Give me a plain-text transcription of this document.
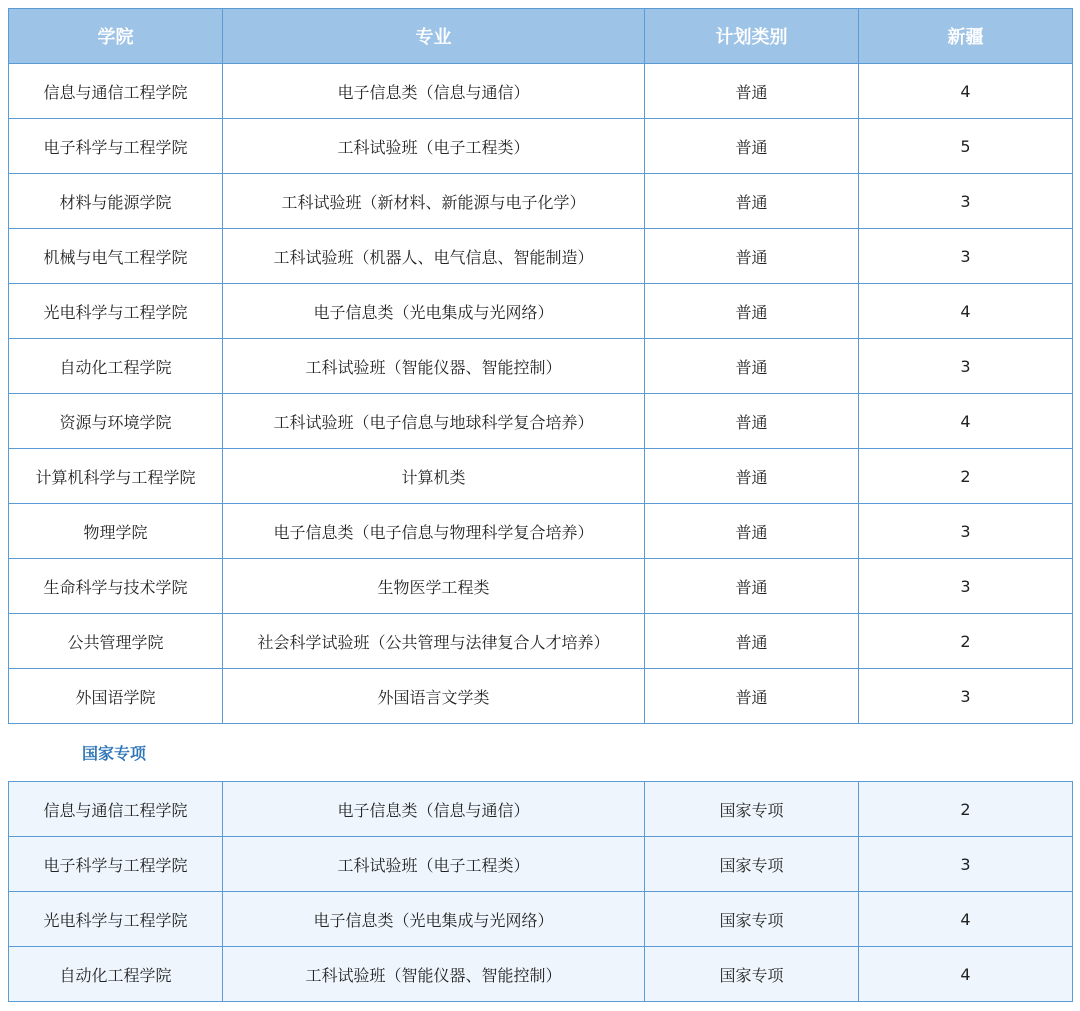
学院	专业	计划类别	新疆
信息与通信工程学院	电子信息类（信息与通信）	普通	4
电子科学与工程学院	工科试验班（电子工程类）	普通	5
材料与能源学院	工科试验班（新材料、新能源与电子化学）	普通	3
机械与电气工程学院	工科试验班（机器人、电气信息、智能制造）	普通	3
光电科学与工程学院	电子信息类（光电集成与光网络）	普通	4
自动化工程学院	工科试验班（智能仪器、智能控制）	普通	3
资源与环境学院	工科试验班（电子信息与地球科学复合培养）	普通	4
计算机科学与工程学院	计算机类	普通	2
物理学院	电子信息类（电子信息与物理科学复合培养）	普通	3
生命科学与技术学院	生物医学工程类	普通	3
公共管理学院	社会科学试验班（公共管理与法律复合人才培养）	普通	2
外国语学院	外国语言文学类	普通	3
国家专项
信息与通信工程学院	电子信息类（信息与通信）	国家专项	2
电子科学与工程学院	工科试验班（电子工程类）	国家专项	3
光电科学与工程学院	电子信息类（光电集成与光网络）	国家专项	4
自动化工程学院	工科试验班（智能仪器、智能控制）	国家专项	4
